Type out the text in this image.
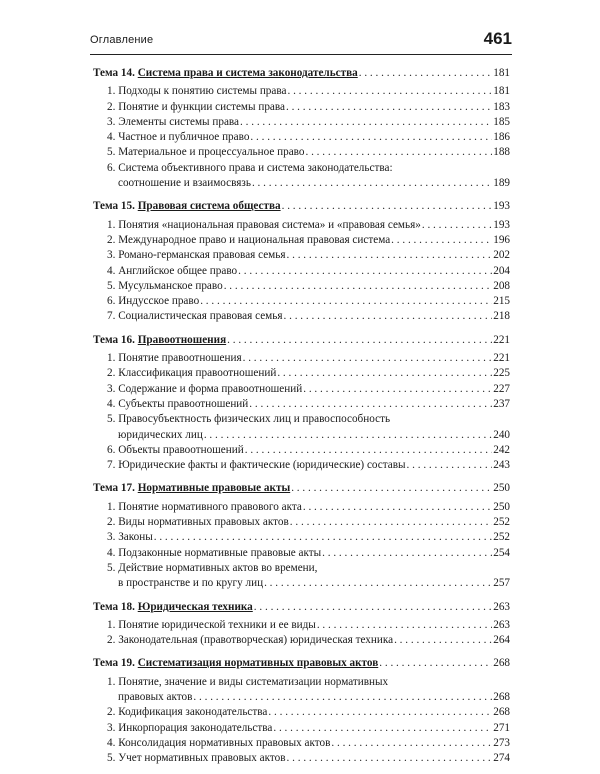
Оглавление	461
Тема 14. Система права и система законодательства . . .	181
1. Подходы к понятию системы права . . .	181
2. Понятие и функции системы права . . .	183
3. Элементы системы права . . .	185
4. Частное и публичное право . . .	186
5. Материальное и процессуальное право . . .	188
6. Система объективного права и система законодательства:
соотношение и взаимосвязь . . .	189
Тема 15. Правовая система общества . . .	193
1. Понятия «национальная правовая система» и «правовая семья» . . .	193
2. Международное право и национальная правовая система . . .	196
3. Романо-германская правовая семья . . .	202
4. Английское общее право . . .	204
5. Мусульманское право . . .	208
6. Индусское право . . .	215
7. Социалистическая правовая семья . . .	218
Тема 16. Правоотношения . . .	221
1. Понятие правоотношения . . .	221
2. Классификация правоотношений . . .	225
3. Содержание и форма правоотношений . . .	227
4. Субъекты правоотношений . . .	237
5. Правосубъектность физических лиц и правоспособность
юридических лиц . . .	240
6. Объекты правоотношений . . .	242
7. Юридические факты и фактические (юридические) составы . . .	243
Тема 17. Нормативные правовые акты . . .	250
1. Понятие нормативного правового акта . . .	250
2. Виды нормативных правовых актов . . .	252
3. Законы . . .	252
4. Подзаконные нормативные правовые акты . . .	254
5. Действие нормативных актов во времени,
в пространстве и по кругу лиц . . .	257
Тема 18. Юридическая техника . . .	263
1. Понятие юридической техники и ее виды . . .	263
2. Законодательная (правотворческая) юридическая техника . . .	264
Тема 19. Систематизация нормативных правовых актов . . .	268
1. Понятие, значение и виды систематизации нормативных
правовых актов . . .	268
2. Кодификация законодательства . . .	268
3. Инкорпорация законодательства . . .	271
4. Консолидация нормативных правовых актов . . .	273
5. Учет нормативных правовых актов . . .	274
